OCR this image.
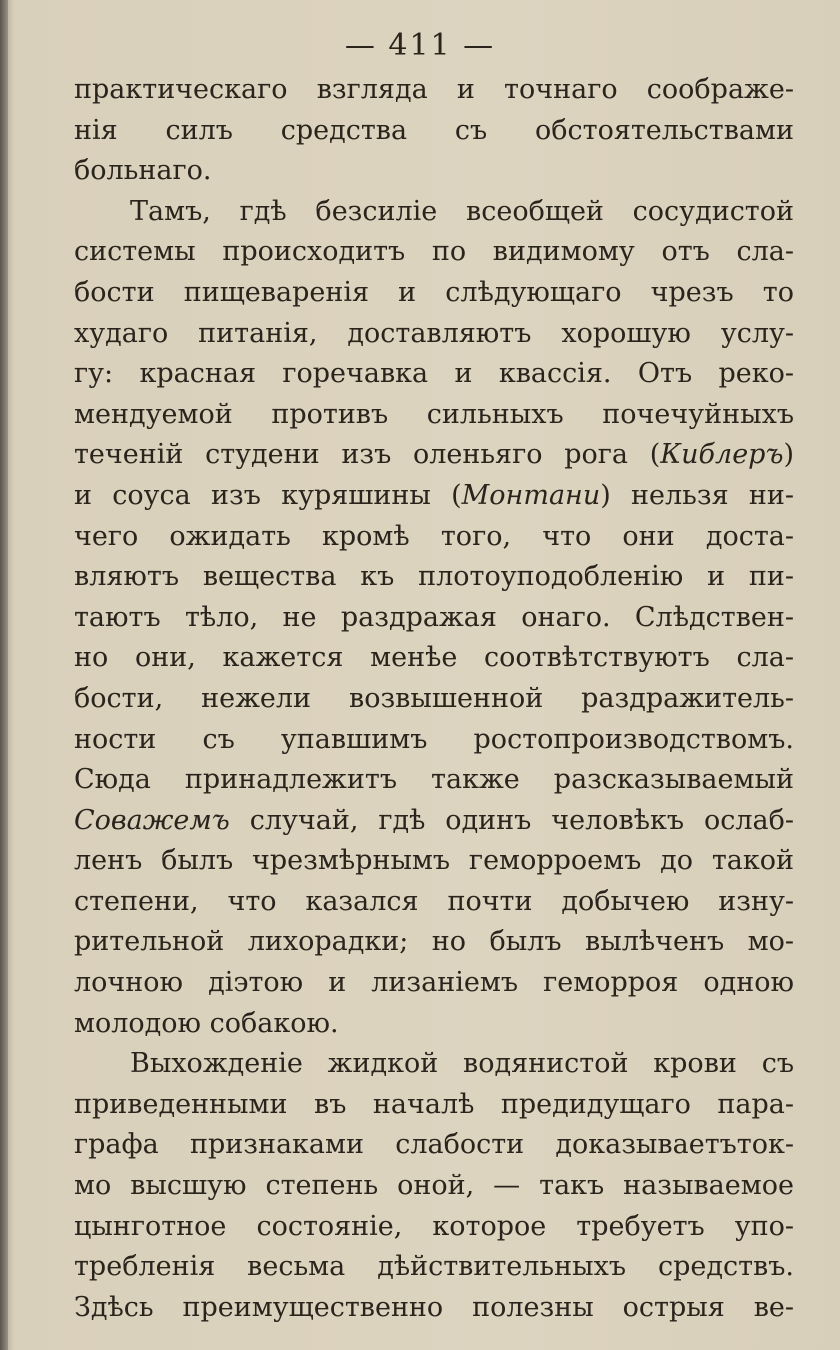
— 411 —
практическаго взгляда и точнаго соображе-
нія силъ средства съ обстоятельствами
больнаго.
Тамъ, гдѣ безсиліе всеобщей сосудистой
системы происходитъ по видимому отъ сла-
бости пищеваренія и слѣдующаго чрезъ то
худаго питанія, доставляютъ хорошую услу-
гу: красная горечавка и квассія. Отъ реко-
мендуемой противъ сильныхъ почечуйныхъ
теченій студени изъ оленьяго рога (Киблеръ)
и соуса изъ куряшины (Монтани) нельзя ни-
чего ожидать кромѣ того, что они доста-
вляютъ вещества къ плотоуподобленію и пи-
таютъ тѣло, не раздражая онаго. Слѣдствен-
но они, кажется менѣе соотвѣтствуютъ сла-
бости, нежели возвышенной раздражитель-
ности съ упавшимъ ростопроизводствомъ.
Сюда принадлежитъ также разсказываемый
Соважемъ случай, гдѣ одинъ человѣкъ ослаб-
ленъ былъ чрезмѣрнымъ геморроемъ до такой
степени, что казался почти добычею изну-
рительной лихорадки; но былъ вылѣченъ мо-
лочною діэтою и лизаніемъ геморроя одною
молодою собакою.
Выхожденіе жидкой водянистой крови съ
приведенными въ началѣ предидущаго пара-
графа признаками слабости доказываетъток-
мо высшую степень оной, — такъ называемое
цынготное состояніе, которое требуетъ упо-
требленія весьма дѣйствительныхъ средствъ.
Здѣсь преимущественно полезны острыя ве-
